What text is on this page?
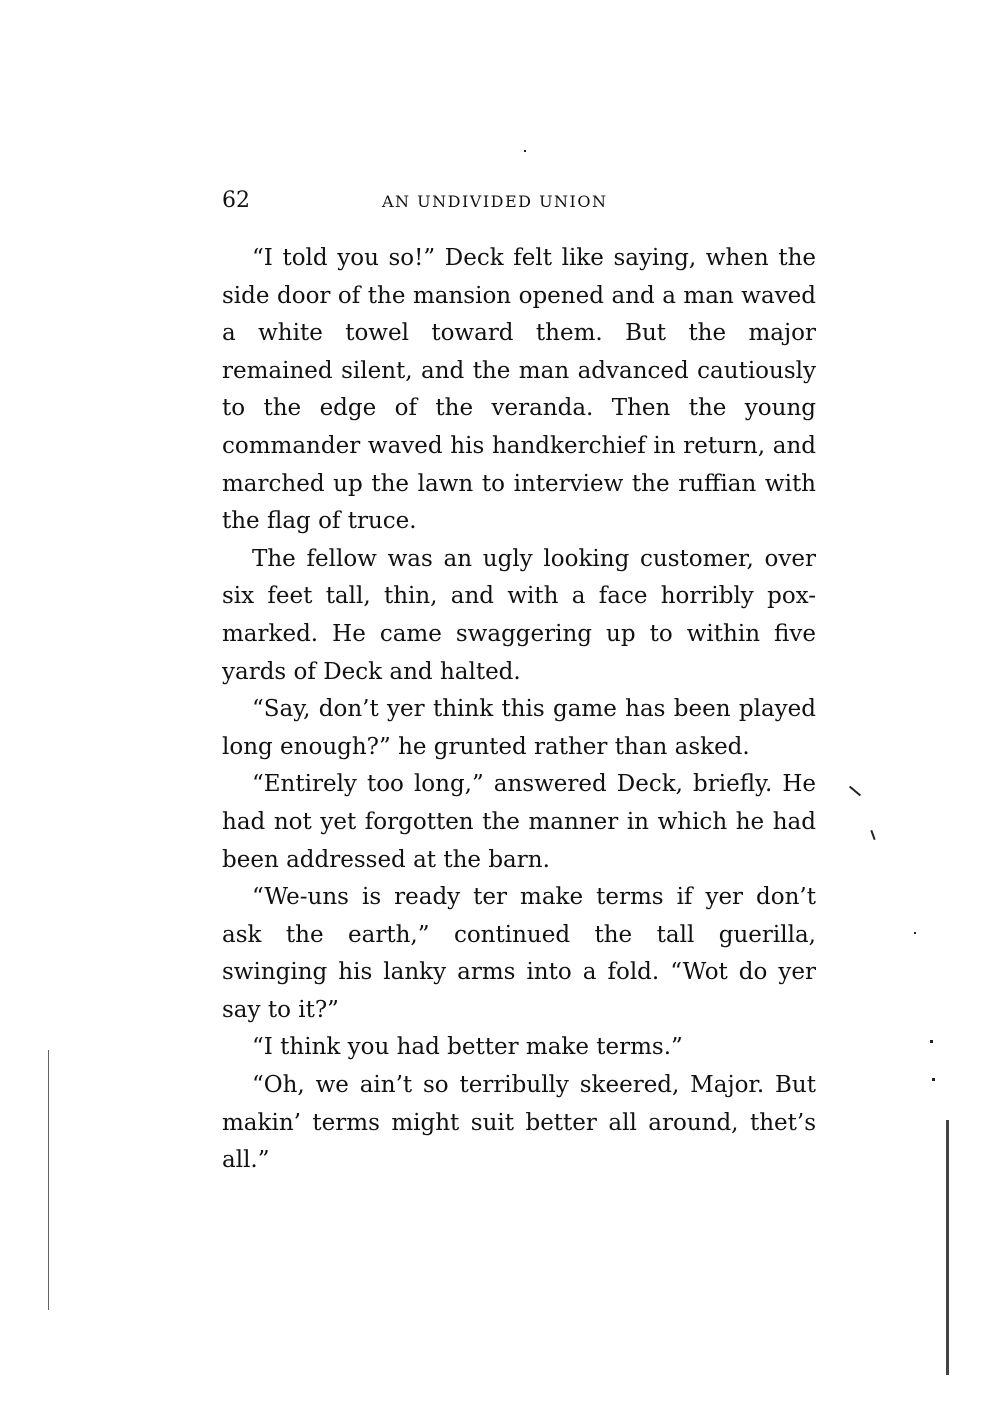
62	AN UNDIVIDED UNION

“I told you so!” Deck felt like saying, when the side door of the mansion opened and a man waved a white towel toward them. But the major remained silent, and the man advanced cautiously to the edge of the veranda. Then the young commander waved his handkerchief in return, and marched up the lawn to interview the ruffian with the flag of truce.

The fellow was an ugly looking customer, over six feet tall, thin, and with a face horribly pox-marked. He came swaggering up to within five yards of Deck and halted.

“Say, don’t yer think this game has been played long enough?” he grunted rather than asked.

“Entirely too long,” answered Deck, briefly. He had not yet forgotten the manner in which he had been addressed at the barn.

“We-uns is ready ter make terms if yer don’t ask the earth,” continued the tall guerilla, swinging his lanky arms into a fold. “Wot do yer say to it?”

“I think you had better make terms.”

“Oh, we ain’t so terribully skeered, Major. But makin’ terms might suit better all around, thet’s all.”
